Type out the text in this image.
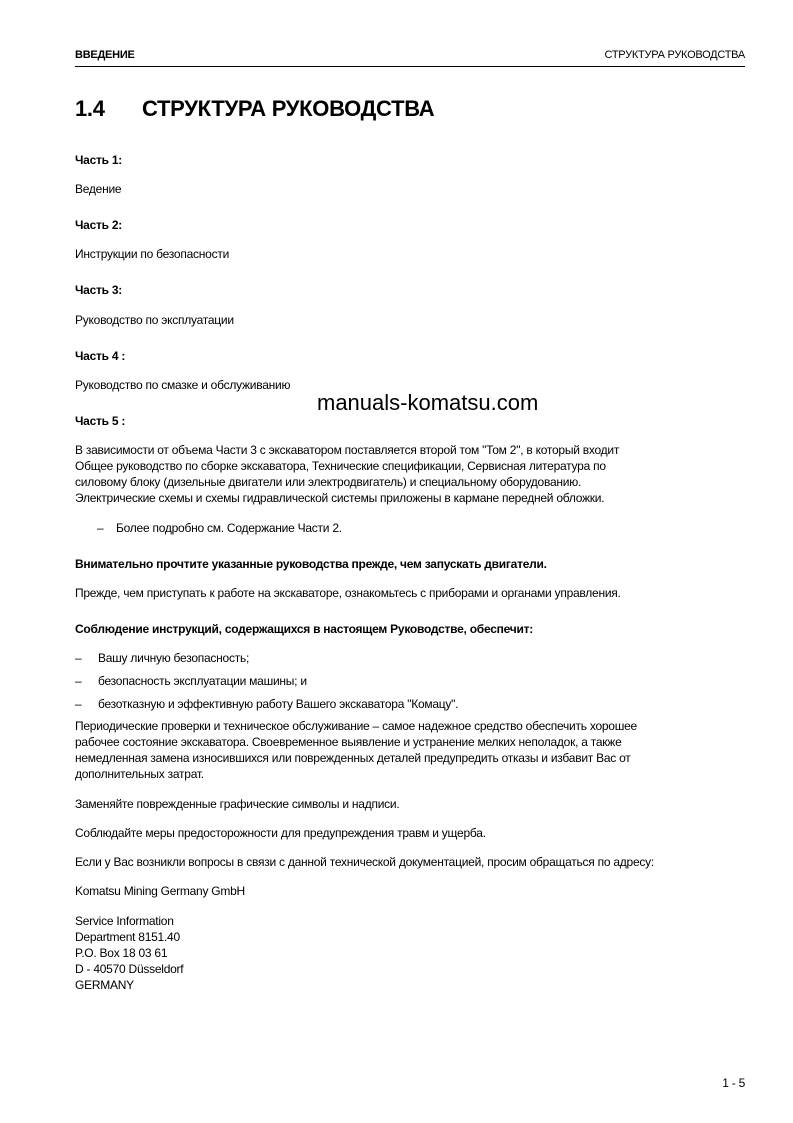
ВВЕДЕНИЕ	СТРУКТУРА РУКОВОДСТВА
1.4 СТРУКТУРА РУКОВОДСТВА
Часть 1:
Ведение
Часть 2:
Инструкции по безопасности
Часть 3:
Руководство по эксплуатации
Часть 4 :
Руководство по смазке и обслуживанию
manuals-komatsu.com
Часть 5 :
В зависимости от объема Части 3 с экскаватором поставляется второй том "Том 2", в который входит
Общее руководство по сборке экскаватора, Технические спецификации, Сервисная литература по
силовому блоку (дизельные двигатели или электродвигатель) и специальному оборудованию.
Электрические схемы и схемы гидравлической системы приложены в кармане передней обложки.
– Более подробно см. Содержание Части 2.
Внимательно прочтите указанные руководства прежде, чем запускать двигатели.
Прежде, чем приступать к работе на экскаваторе, ознакомьтесь с приборами и органами управления.
Соблюдение инструкций, содержащихся в настоящем Руководстве, обеспечит:
– Вашу личную безопасность;
– безопасность эксплуатации машины; и
– безотказную и эффективную работу Вашего экскаватора "Комацу".
Периодические проверки и техническое обслуживание – самое надежное средство обеспечить хорошее
рабочее состояние экскаватора. Своевременное выявление и устранение мелких неполадок, а также
немедленная замена износившихся или поврежденных деталей предупредить отказы и избавит Вас от
дополнительных затрат.
Заменяйте поврежденные графические символы и надписи.
Соблюдайте меры предосторожности для предупреждения травм и ущерба.
Если у Вас возникли вопросы в связи с данной технической документацией, просим обращаться по адресу:
Komatsu Mining Germany GmbH
Service Information
Department 8151.40
P.O. Box 18 03 61
D - 40570 Düsseldorf
GERMANY
1 - 5
